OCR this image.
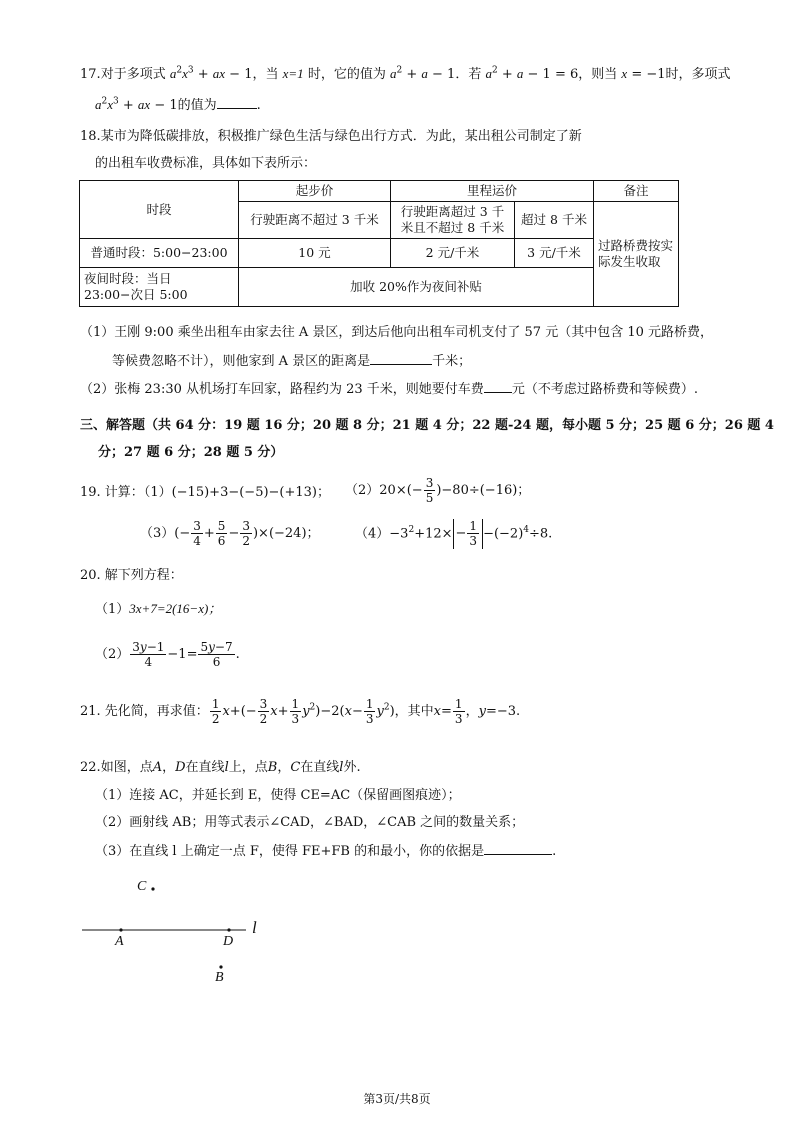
17.对于多项式 $a^2x^3$ + ax − 1，当 x=1 时，它的值为 $a^2 + a - 1$．若 $a^2 + a - 1 = 6$，则当 x = −1时，多项式
$a^2x^3$ + ax − 1的值为	.
18.某市为降低碳排放，积极推广绿色生活与绿色出行方式．为此，某出租公司制定了新
的出租车收费标准，具体如下表所示：
时段	起步价	里程运价		备注
	行驶距离不超过 3 千米	行驶距离超过 3 千米且不超过 8 千米	超过 8 千米	过路桥费按实际发生收取
普通时段：5:00−23:00	10 元	2 元/千米	3 元/千米	
夜间时段：当日 23:00−次日 5:00	加收 20%作为夜间补贴			
（1）王刚 9:00 乘坐出租车由家去往 A 景区，到达后他向出租车司机支付了 57 元（其中包含 10 元路桥费，
等候费忽略不计），则他家到 A 景区的距离是	千米；
（2）张梅 23:30 从机场打车回家，路程约为 23 千米，则她要付车费 元（不考虑过路桥费和等候费）.
三、解答题（共 64 分：19 题 16 分；20 题 8 分；21 题 4 分；22 题-24 题，每小题 5 分；25 题 6 分；26 题 4
分；27 题 6 分；28 题 5 分）
19. 计算：（1）(−15)+3−(−5)−(+13)； $(2)20\times(- \frac{3}{5} )-80\div(-16)$；
$(3)(- \frac{3}{4} + \frac{5}{6} - \frac{3}{2} )\times(-24)$；	$(4)-3^2+12\times - \frac{1}{3} -(-2)^4\div 8$.
20. 解下列方程：
（1）3x+7=2(16−x)；
$(2) \frac{3y-1}{4} -1= \frac{5y-7}{6}$ .
21. 先化简，再求值： $\frac{1}{2} x+(- \frac{3}{2} x+ \frac{1}{3} y^2)-2(x- \frac{1}{3} y^2)$，其中$x= \frac{1}{3}$ ，y=−3.
22.如图，点A，D在直线l上，点B，C在直线l外.
（1）连接 AC，并延长到 E，使得 CE=AC（保留画图痕迹）；
（2）画射线 AB；用等式表示∠CAD，∠BAD，∠CAB 之间的数量关系；
（3）在直线 l 上确定一点 F，使得 FE+FB 的和最小，你的依据是	.
C
A	D
l
B
第3页/共8页
